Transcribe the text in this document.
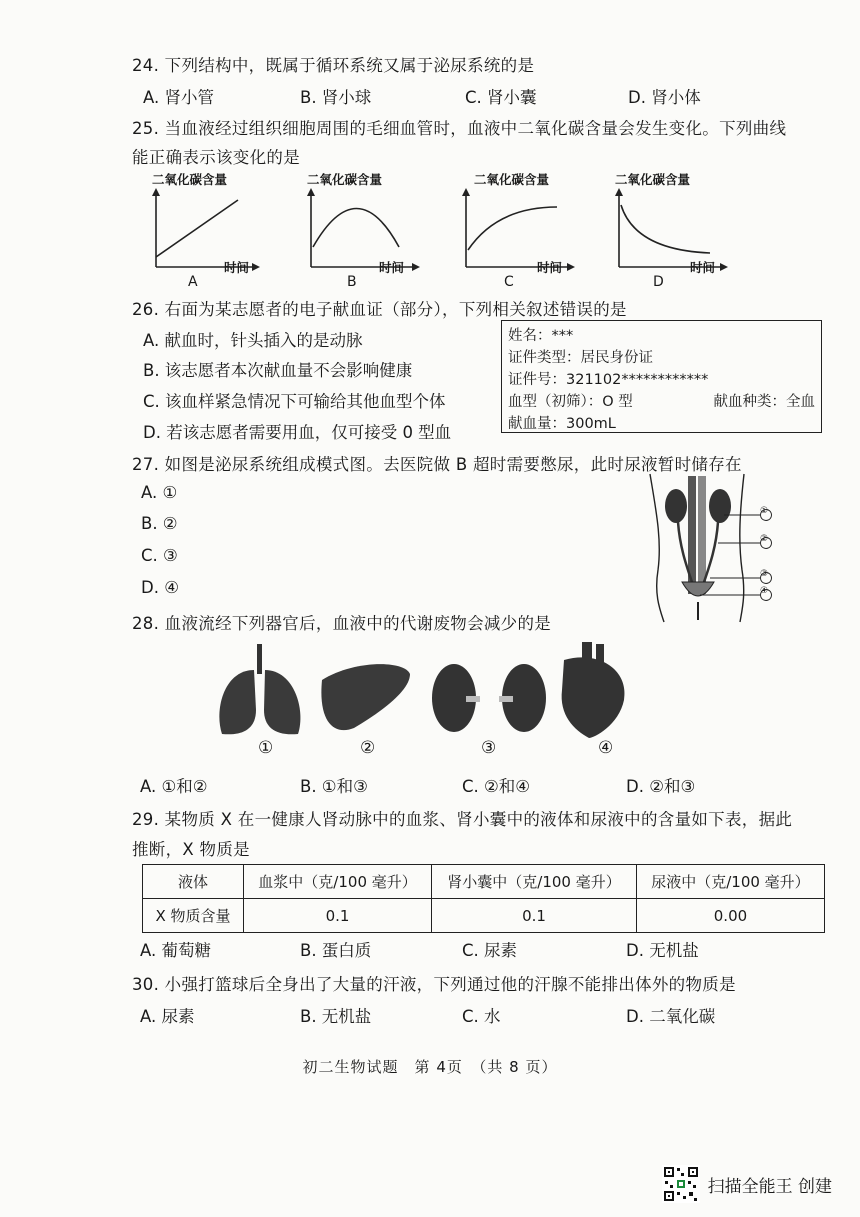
24. 下列结构中，既属于循环系统又属于泌尿系统的是
A. 肾小管	B. 肾小球	C. 肾小囊	D. 肾小体
25. 当血液经过组织细胞周围的毛细血管时，血液中二氧化碳含量会发生变化。下列曲线
能正确表示该变化的是
二氧化碳含量
时间
A
二氧化碳含量
时间
B
二氧化碳含量
时间
C
二氧化碳含量
时间
D
26. 右面为某志愿者的电子献血证（部分），下列相关叙述错误的是
A. 献血时，针头插入的是动脉
B. 该志愿者本次献血量不会影响健康
C. 该血样紧急情况下可输给其他血型个体
D. 若该志愿者需要用血，仅可接受 0 型血
姓名：***
证件类型：居民身份证
证件号：321102************
血型（初筛）：O 型	献血种类：全血
献血量：300mL
27. 如图是泌尿系统组成模式图。去医院做 B 超时需要憋尿，此时尿液暂时储存在
A. ①
B. ②
C. ③
D. ④
①
②
③
④
28. 血液流经下列器官后，血液中的代谢废物会减少的是
①	②	③	④
A. ①和②	B. ①和③	C. ②和④	D. ②和③
29. 某物质 X 在一健康人肾动脉中的血浆、肾小囊中的液体和尿液中的含量如下表，据此
推断，X 物质是
液体	血浆中（克/100 毫升）	肾小囊中（克/100 毫升）	尿液中（克/100 毫升）
X 物质含量	0.1	0.1	0.00
A. 葡萄糖	B. 蛋白质	C. 尿素	D. 无机盐
30. 小强打篮球后全身出了大量的汗液，下列通过他的汗腺不能排出体外的物质是
A. 尿素	B. 无机盐	C. 水	D. 二氧化碳
初二生物试题　第 4页　（共 8 页）
扫描全能王 创建
